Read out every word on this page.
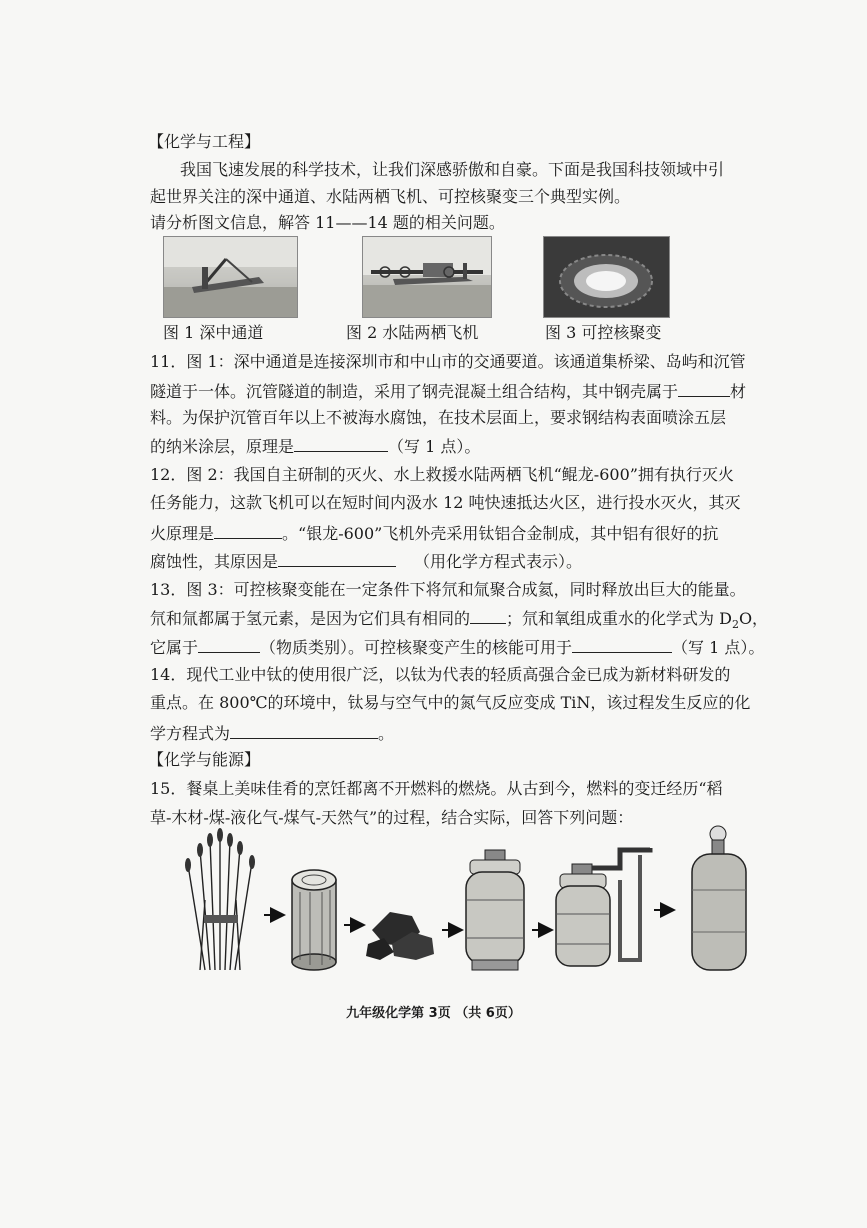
【化学与工程】
我国飞速发展的科学技术，让我们深感骄傲和自豪。下面是我国科技领域中引
起世界关注的深中通道、水陆两栖飞机、可控核聚变三个典型实例。
请分析图文信息，解答 11——14 题的相关问题。
图 1 深中通道	图 2 水陆两栖飞机	图 3 可控核聚变
11．图 1：深中通道是连接深圳市和中山市的交通要道。该通道集桥梁、岛屿和沉管
隧道于一体。沉管隧道的制造，采用了钢壳混凝土组合结构，其中钢壳属于	材
料。为保护沉管百年以上不被海水腐蚀，在技术层面上，要求钢结构表面喷涂五层
的纳米涂层，原理是	（写 1 点）。
12．图 2：我国自主研制的灭火、水上救援水陆两栖飞机“鲲龙-600”拥有执行灭火
任务能力，这款飞机可以在短时间内汲水 12 吨快速抵达火区，进行投水灭火，其灭
火原理是	。“银龙-600”飞机外壳采用钛铝合金制成，其中铝有很好的抗
腐蚀性，其原因是	（用化学方程式表示）。
13．图 3：可控核聚变能在一定条件下将氘和氚聚合成氦，同时释放出巨大的能量。
氘和氚都属于氢元素，是因为它们具有相同的 ；氘和氧组成重水的化学式为 $D_2O$，
它属于	（物质类别）。可控核聚变产生的核能可用于	（写 1 点）。
14．现代工业中钛的使用很广泛，以钛为代表的轻质高强合金已成为新材料研发的
重点。在 800℃的环境中，钛易与空气中的氮气反应变成 TiN，该过程发生反应的化
学方程式为	。
【化学与能源】
15．餐桌上美味佳肴的烹饪都离不开燃料的燃烧。从古到今，燃料的变迁经历“稻
草-木材-煤-液化气-煤气-天然气”的过程，结合实际，回答下列问题：
九年级化学第 3页 （共 6页）
